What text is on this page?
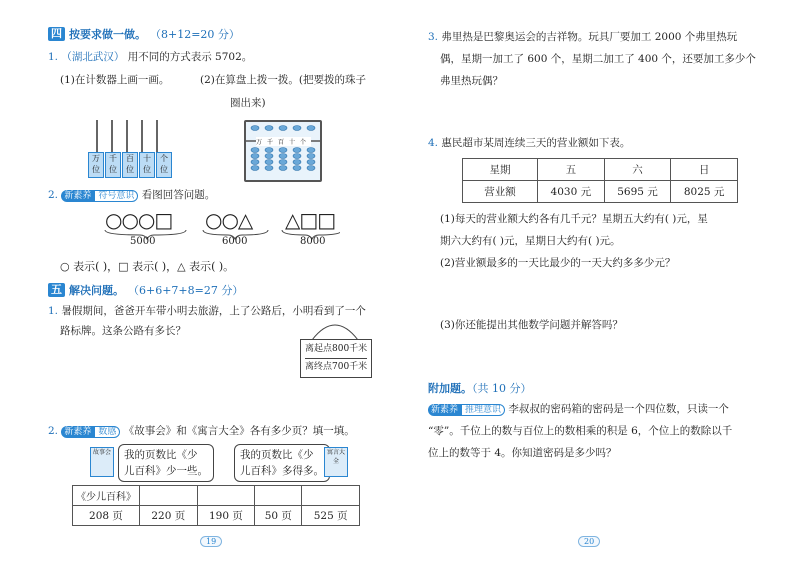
四 按要求做一做。 （8+12=20 分）
1. （湖北武汉） 用不同的方式表示 5702。
(1)在计数器上画一画。	(2)在算盘上拨一拨。(把要拨的珠子
圈出来)
万位
千位
百位
十位
个位
万千百十个
2. 新素养 符号意识 看图回答问题。
○○○□ ○○△ △□□
5000	6000	8000
○ 表示( )，□ 表示( )，△ 表示( )。
五 解决问题。 （6+6+7+8=27 分）
1. 暑假期间，爸爸开车带小明去旅游，上了公路后，小明看到了一个
路标牌。这条公路有多长？
离起点800千米
离终点700千米
2. 新素养 数感 《故事会》和《寓言大全》各有多少页？填一填。
故事会 我的页数比《少
儿百科》少一些。
我的页数比《少
儿百科》多得多。
寓言大全
《少儿百科》				
208 页	220 页	190 页	50 页	525 页
19
3. 弗里热是巴黎奥运会的吉祥物。玩具厂要加工 2000 个弗里热玩
偶，星期一加工了 600 个，星期二加工了 400 个，还要加工多少个
弗里热玩偶？
4. 惠民超市某周连续三天的营业额如下表。
星期	五	六	日
营业额	4030 元	5695 元	8025 元
(1)每天的营业额大约各有几千元？星期五大约有( )元，星
期六大约有( )元，星期日大约有( )元。
(2)营业额最多的一天比最少的一天大约多多少元？
(3)你还能提出其他数学问题并解答吗？
附加题。（共 10 分）
新素养 推理意识 李叔叔的密码箱的密码是一个四位数，只读一个
“零”。千位上的数与百位上的数相乘的积是 6，个位上的数除以千
位上的数等于 4。你知道密码是多少吗？
20
